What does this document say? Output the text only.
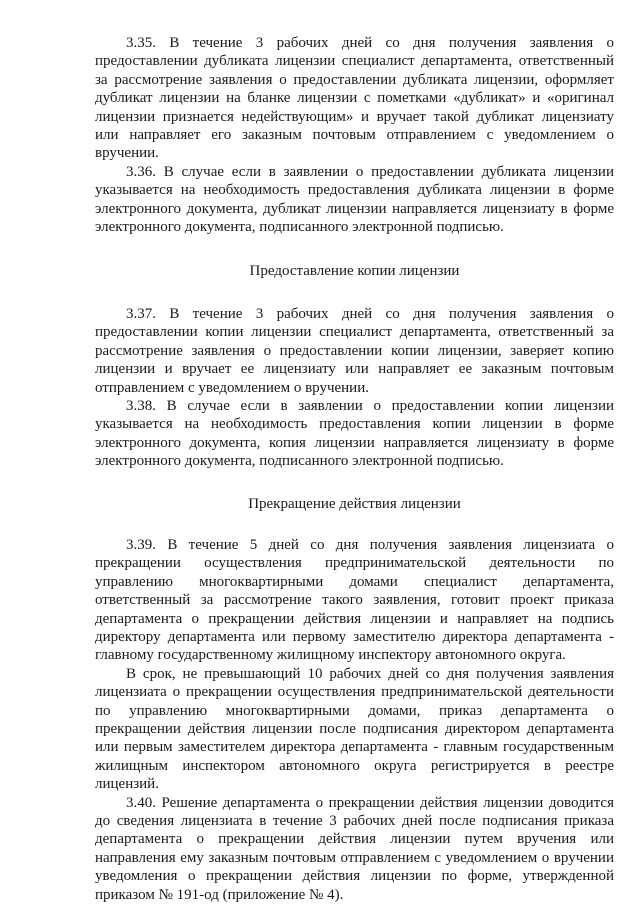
3.35. В течение 3 рабочих дней со дня получения заявления о предоставлении дубликата лицензии специалист департамента, ответственный за рассмотрение заявления о предоставлении дубликата лицензии, оформляет дубликат лицензии на бланке лицензии с пометками «дубликат» и «оригинал лицензии признается недействующим» и вручает такой дубликат лицензиату или направляет его заказным почтовым отправлением с уведомлением о вручении.

3.36. В случае если в заявлении о предоставлении дубликата лицензии указывается на необходимость предоставления дубликата лицензии в форме электронного документа, дубликат лицензии направляется лицензиату в форме электронного документа, подписанного электронной подписью.

Предоставление копии лицензии

3.37. В течение 3 рабочих дней со дня получения заявления о предоставлении копии лицензии специалист департамента, ответственный за рассмотрение заявления о предоставлении копии лицензии, заверяет копию лицензии и вручает ее лицензиату или направляет ее заказным почтовым отправлением с уведомлением о вручении.

3.38. В случае если в заявлении о предоставлении копии лицензии указывается на необходимость предоставления копии лицензии в форме электронного документа, копия лицензии направляется лицензиату в форме электронного документа, подписанного электронной подписью.

Прекращение действия лицензии

3.39. В течение 5 дней со дня получения заявления лицензиата о прекращении осуществления предпринимательской деятельности по управлению многоквартирными домами специалист департамента, ответственный за рассмотрение такого заявления, готовит проект приказа департамента о прекращении действия лицензии и направляет на подпись директору департамента или первому заместителю директора департамента - главному государственному жилищному инспектору автономного округа.

В срок, не превышающий 10 рабочих дней со дня получения заявления лицензиата о прекращении осуществления предпринимательской деятельности по управлению многоквартирными домами, приказ департамента о прекращении действия лицензии после подписания директором департамента или первым заместителем директора департамента - главным государственным жилищным инспектором автономного округа регистрируется в реестре лицензий.

3.40. Решение департамента о прекращении действия лицензии доводится до сведения лицензиата в течение 3 рабочих дней после подписания приказа департамента о прекращении действия лицензии путем вручения или направления ему заказным почтовым отправлением с уведомлением о вручении уведомления о прекращении действия лицензии по форме, утвержденной приказом № 191-од (приложение № 4).
